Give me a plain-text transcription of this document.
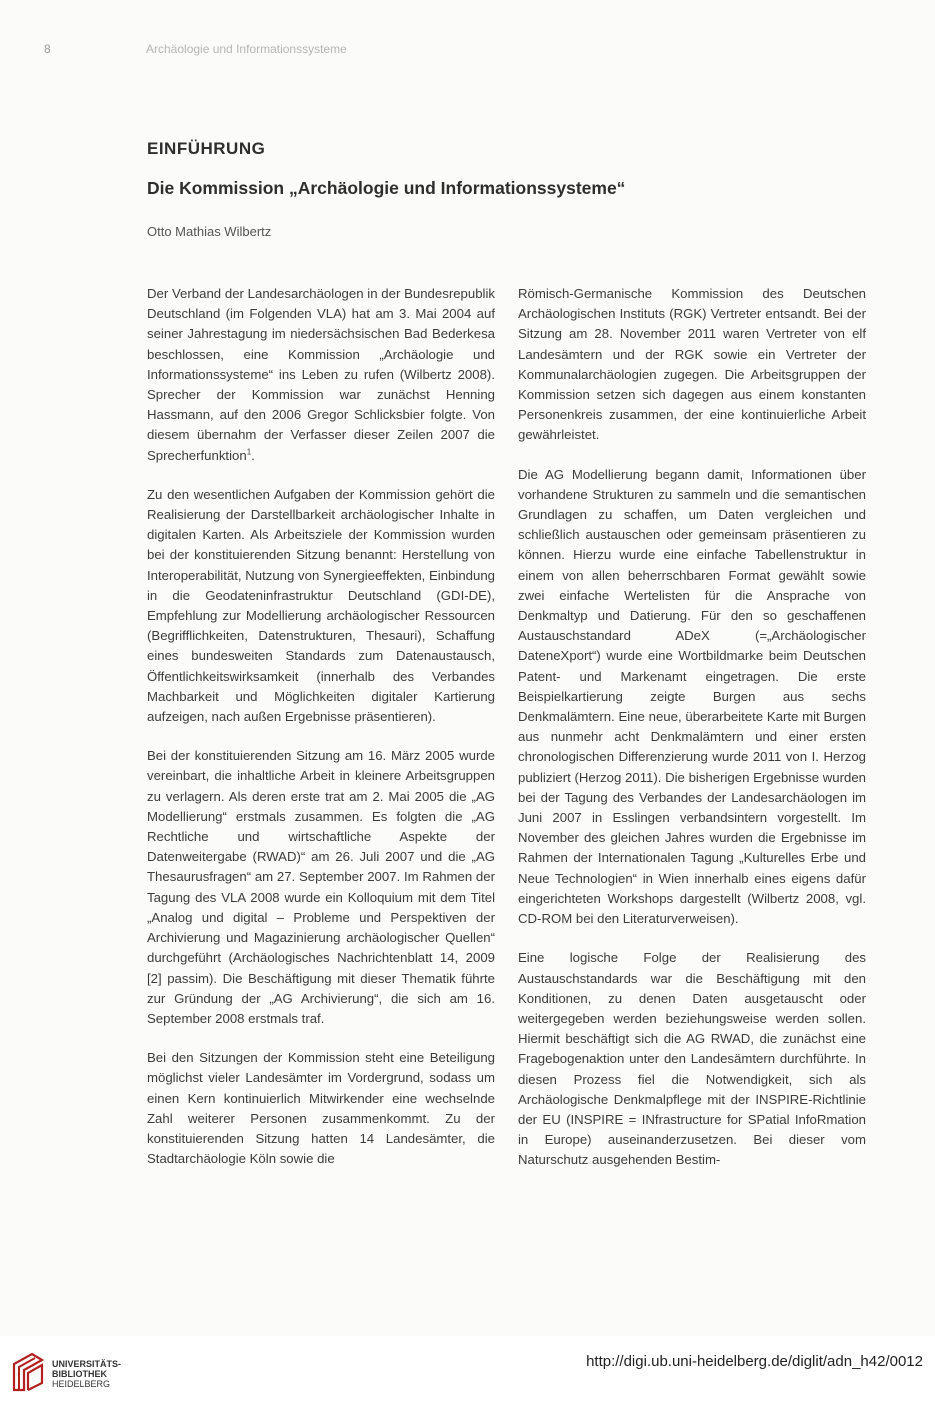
8	Archäologie und Informationssysteme
EINFÜHRUNG
Die Kommission „Archäologie und Informationssysteme“
Otto Mathias Wilbertz

Der Verband der Landesarchäologen in der Bundesrepublik Deutschland (im Folgenden VLA) hat am 3. Mai 2004 auf seiner Jahrestagung im niedersächsischen Bad Bederkesa beschlossen, eine Kommission „Archäologie und Informationssysteme“ ins Leben zu rufen (Wilbertz 2008). Sprecher der Kommission war zunächst Henning Hassmann, auf den 2006 Gregor Schlicksbier folgte. Von diesem übernahm der Verfasser dieser Zeilen 2007 die Sprecherfunktion$^1$.

Zu den wesentlichen Aufgaben der Kommission gehört die Realisierung der Darstellbarkeit archäologischer Inhalte in digitalen Karten. Als Arbeitsziele der Kommission wurden bei der konstituierenden Sitzung benannt: Herstellung von Interoperabilität, Nutzung von Synergieeffekten, Einbindung in die Geodateninfrastruktur Deutschland (GDI-DE), Empfehlung zur Modellierung archäologischer Ressourcen (Begrifflichkeiten, Datenstrukturen, Thesauri), Schaffung eines bundesweiten Standards zum Datenaustausch, Öffentlichkeitswirksamkeit (innerhalb des Verbandes Machbarkeit und Möglichkeiten digitaler Kartierung aufzeigen, nach außen Ergebnisse präsentieren).

Bei der konstituierenden Sitzung am 16. März 2005 wurde vereinbart, die inhaltliche Arbeit in kleinere Arbeitsgruppen zu verlagern. Als deren erste trat am 2. Mai 2005 die „AG Modellierung“ erstmals zusammen. Es folgten die „AG Rechtliche und wirtschaftliche Aspekte der Datenweitergabe (RWAD)“ am 26. Juli 2007 und die „AG Thesaurusfragen“ am 27. September 2007. Im Rahmen der Tagung des VLA 2008 wurde ein Kolloquium mit dem Titel „Analog und digital – Probleme und Perspektiven der Archivierung und Magazinierung archäologischer Quellen“ durchgeführt (Archäologisches Nachrichtenblatt 14, 2009 [2] passim). Die Beschäftigung mit dieser Thematik führte zur Gründung der „AG Archivierung“, die sich am 16. September 2008 erstmals traf.

Bei den Sitzungen der Kommission steht eine Beteiligung möglichst vieler Landesämter im Vordergrund, sodass um einen Kern kontinuierlich Mitwirkender eine wechselnde Zahl weiterer Personen zusammenkommt. Zu der konstituierenden Sitzung hatten 14 Landesämter, die Stadtarchäologie Köln sowie die

Römisch-Germanische Kommission des Deutschen Archäologischen Instituts (RGK) Vertreter entsandt. Bei der Sitzung am 28. November 2011 waren Vertreter von elf Landesämtern und der RGK sowie ein Vertreter der Kommunalarchäologien zugegen. Die Arbeitsgruppen der Kommission setzen sich dagegen aus einem konstanten Personenkreis zusammen, der eine kontinuierliche Arbeit gewährleistet.

Die AG Modellierung begann damit, Informationen über vorhandene Strukturen zu sammeln und die semantischen Grundlagen zu schaffen, um Daten vergleichen und schließlich austauschen oder gemeinsam präsentieren zu können. Hierzu wurde eine einfache Tabellenstruktur in einem von allen beherrschbaren Format gewählt sowie zwei einfache Wertelisten für die Ansprache von Denkmaltyp und Datierung. Für den so geschaffenen Austauschstandard ADeX (=„Archäologischer DateneXport“) wurde eine Wortbildmarke beim Deutschen Patent- und Markenamt eingetragen. Die erste Beispielkartierung zeigte Burgen aus sechs Denkmalämtern. Eine neue, überarbeitete Karte mit Burgen aus nunmehr acht Denkmalämtern und einer ersten chronologischen Differenzierung wurde 2011 von I. Herzog publiziert (Herzog 2011). Die bisherigen Ergebnisse wurden bei der Tagung des Verbandes der Landesarchäologen im Juni 2007 in Esslingen verbandsintern vorgestellt. Im November des gleichen Jahres wurden die Ergebnisse im Rahmen der Internationalen Tagung „Kulturelles Erbe und Neue Technologien“ in Wien innerhalb eines eigens dafür eingerichteten Workshops dargestellt (Wilbertz 2008, vgl. CD-ROM bei den Literaturverweisen).

Eine logische Folge der Realisierung des Austauschstandards war die Beschäftigung mit den Konditionen, zu denen Daten ausgetauscht oder weitergegeben werden beziehungsweise werden sollen. Hiermit beschäftigt sich die AG RWAD, die zunächst eine Fragebogenaktion unter den Landesämtern durchführte. In diesen Prozess fiel die Notwendigkeit, sich als Archäologische Denkmalpflege mit der INSPIRE-Richtlinie der EU (INSPIRE = INfrastructure for SPatial InfoRmation in Europe) auseinanderzusetzen. Bei dieser vom Naturschutz ausgehenden Bestim-

UNIVERSITÄTS-
BIBLIOTHEK
HEIDELBERG
http://digi.ub.uni-heidelberg.de/diglit/adn_h42/0012
